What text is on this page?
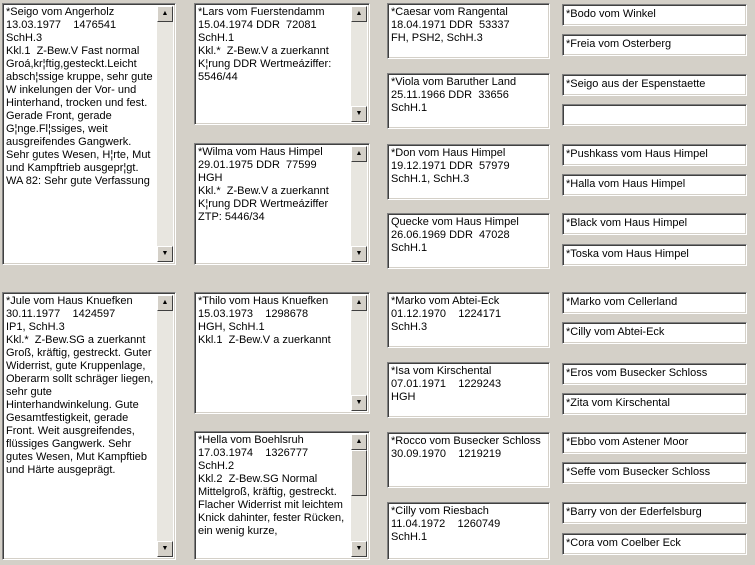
*Seigo vom Angerholz
13.03.1977    1476541
SchH.3
Kkl.1  Z-Bew.V Fast normal Groá,kr¦ftig,gesteckt.Leicht absch¦ssige kruppe, sehr gute W inkelungen der Vor- und Hinterhand, trocken und fest. Gerade Front, gerade G¦nge.Fl¦ssiges, weit ausgreifendes Gangwerk. Sehr gutes Wesen, H¦rte, Mut und Kampftrieb ausgepr¦gt. WA 82: Sehr gute Verfassung
▲
▼
*Jule vom Haus Knuefken
30.11.1977    1424597
IP1, SchH.3
Kkl.*  Z-Bew.SG a zuerkannt Groß, kräftig, gestreckt. Guter Widerrist, gute Kruppenlage, Oberarm sollt schräger liegen, sehr gute Hinterhandwinkelung. Gute Gesamtfestigkeit, gerade Front. Weit ausgreifendes, flüssiges Gangwerk. Sehr gutes Wesen, Mut Kampftieb und Härte ausgeprägt.
▲
▼
*Lars vom Fuerstendamm
15.04.1974 DDR  72081
SchH.1
Kkl.*  Z-Bew.V a zuerkannt K¦rung DDR Wertmeáziffer: 5546/44
▲
▼
*Wilma vom Haus Himpel
29.01.1975 DDR  77599
HGH
Kkl.*  Z-Bew.V a zuerkannt K¦rung DDR Wertmeáziffer ZTP: 5446/34
▲
▼
*Thilo vom Haus Knuefken
15.03.1973    1298678
HGH, SchH.1
Kkl.1  Z-Bew.V a zuerkannt
▲
▼
*Hella vom Boehlsruh
17.03.1974    1326777
SchH.2
Kkl.2  Z-Bew.SG Normal Mittelgroß, kräftig, gestreckt. Flacher Widerrist mit leichtem Knick dahinter, fester Rücken, ein wenig kurze,
▲
▼
*Caesar vom Rangental
18.04.1971 DDR  53337
FH, PSH2, SchH.3
*Viola vom Baruther Land
25.11.1966 DDR  33656
SchH.1
*Don vom Haus Himpel
19.12.1971 DDR  57979
SchH.1, SchH.3
Quecke vom Haus Himpel
26.06.1969 DDR  47028
SchH.1
*Marko vom Abtei-Eck
01.12.1970    1224171
SchH.3
*Isa vom Kirschental
07.01.1971    1229243
HGH
*Rocco vom Busecker Schloss
30.09.1970    1219219
*Cilly vom Riesbach
11.04.1972    1260749
SchH.1
*Bodo vom Winkel
*Freia vom Osterberg
*Seigo aus der Espenstaette
*Pushkass vom Haus Himpel
*Halla vom Haus Himpel
*Black vom Haus Himpel
*Toska vom Haus Himpel
*Marko vom Cellerland
*Cilly vom Abtei-Eck
*Eros vom Busecker Schloss
*Zita vom Kirschental
*Ebbo vom Astener Moor
*Seffe vom Busecker Schloss
*Barry von der Ederfelsburg
*Cora vom Coelber Eck
